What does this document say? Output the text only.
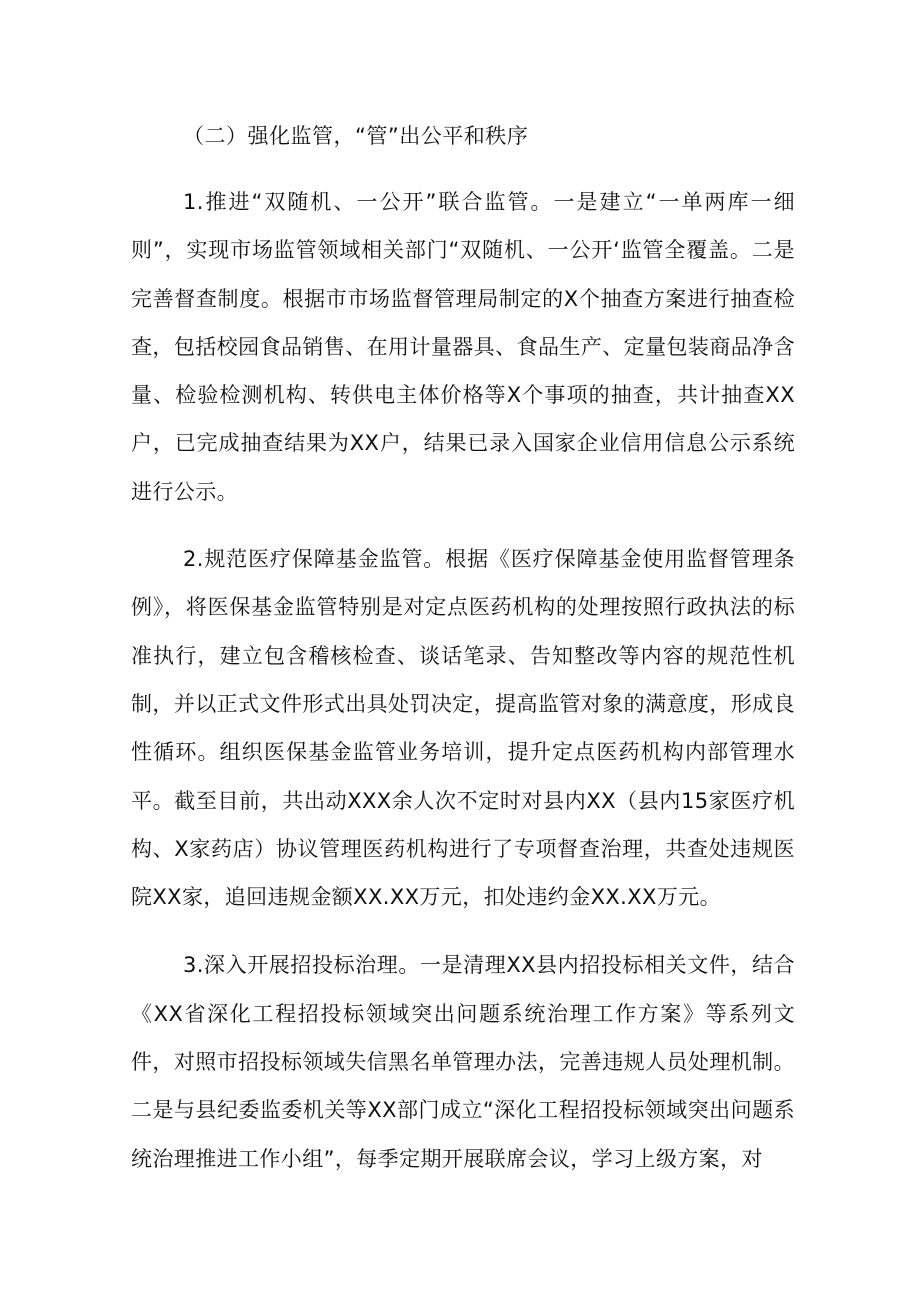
（二）强化监管，“管”出公平和秩序

1.推进“双随机、一公开”联合监管。一是建立“一单两库一细则”，实现市场监管领域相关部门“双随机、一公开‘监管全覆盖。二是完善督查制度。根据市市场监督管理局制定的X个抽查方案进行抽查检查，包括校园食品销售、在用计量器具、食品生产、定量包装商品净含量、检验检测机构、转供电主体价格等X个事项的抽查，共计抽查XX户，已完成抽查结果为XX户，结果已录入国家企业信用信息公示系统进行公示。

2.规范医疗保障基金监管。根据《医疗保障基金使用监督管理条例》，将医保基金监管特别是对定点医药机构的处理按照行政执法的标准执行，建立包含稽核检查、谈话笔录、告知整改等内容的规范性机制，并以正式文件形式出具处罚决定，提高监管对象的满意度，形成良性循环。组织医保基金监管业务培训，提升定点医药机构内部管理水平。截至目前，共出动XXX余人次不定时对县内XX（县内15家医疗机构、X家药店）协议管理医药机构进行了专项督查治理，共查处违规医院XX家，追回违规金额XX.XX万元，扣处违约金XX.XX万元。

3.深入开展招投标治理。一是清理XX县内招投标相关文件，结合《XX省深化工程招投标领域突出问题系统治理工作方案》等系列文件，对照市招投标领域失信黑名单管理办法，完善违规人员处理机制。二是与县纪委监委机关等XX部门成立“深化工程招投标领域突出问题系统治理推进工作小组”，每季定期开展联席会议，学习上级方案，对
